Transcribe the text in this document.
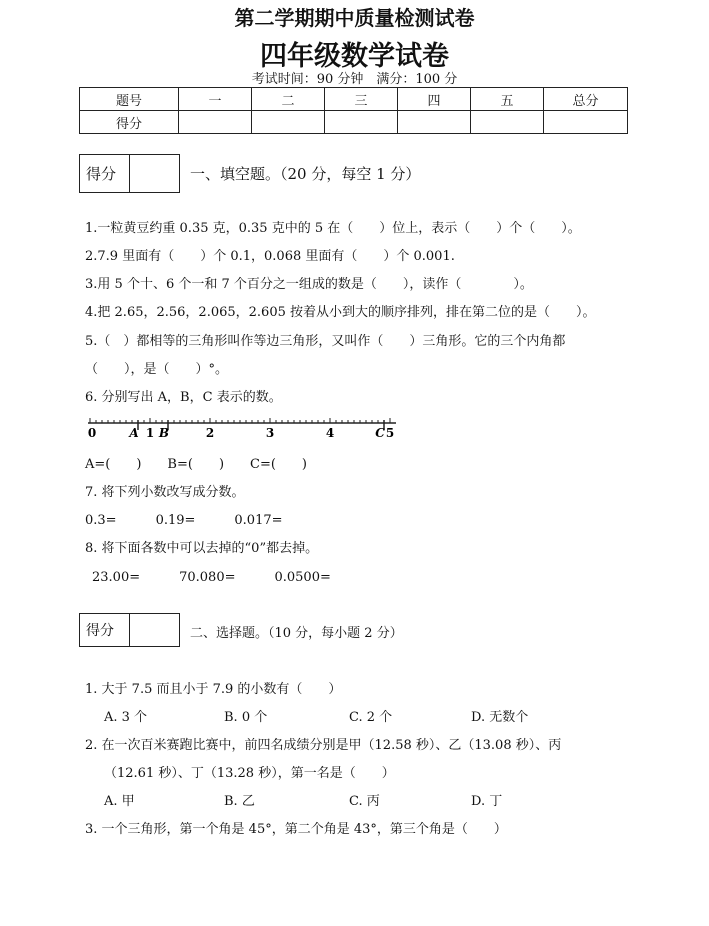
第二学期期中质量检测试卷
四年级数学试卷
考试时间：90 分钟　满分：100 分
题号	一	二	三	四	五	总分
得分						
得分	一、填空题。（20 分，每空 1 分）
1.一粒黄豆约重 0.35 克，0.35 克中的 5 在（　　）位上，表示（　　）个（　　）。
2.7.9 里面有（　　）个 0.1，0.068 里面有（　　）个 0.001.
3.用 5 个十、6 个一和 7 个百分之一组成的数是（　　），读作（　　　　）。
4.把 2.65，2.56，2.065，2.605 按着从小到大的顺序排列，排在第二位的是（　　）。
5.（　）都相等的三角形叫作等边三角形，又叫作（　　）三角形。它的三个内角都
（　　），是（　　）°。
6. 分别写出 A，B，C 表示的数。
0	1	2	3	4	5
A B	C
A=(　　)　　B=(　　)　　C=(　　)
7. 将下列小数改写成分数。
0.3=　　　0.19=　　　0.017=
8. 将下面各数中可以去掉的“0”都去掉。
23.00=　　　70.080=　　　0.0500=
得分	二、选择题。（10 分，每小题 2 分）
1. 大于 7.5 而且小于 7.9 的小数有（　　）
A. 3 个	B. 0 个	C. 2 个	D. 无数个
2. 在一次百米赛跑比赛中，前四名成绩分别是甲（12.58 秒）、乙（13.08 秒）、丙
（12.61 秒）、丁（13.28 秒），第一名是（　　）
A. 甲	B. 乙	C. 丙	D. 丁
3. 一个三角形，第一个角是 45°，第二个角是 43°，第三个角是（　　）
